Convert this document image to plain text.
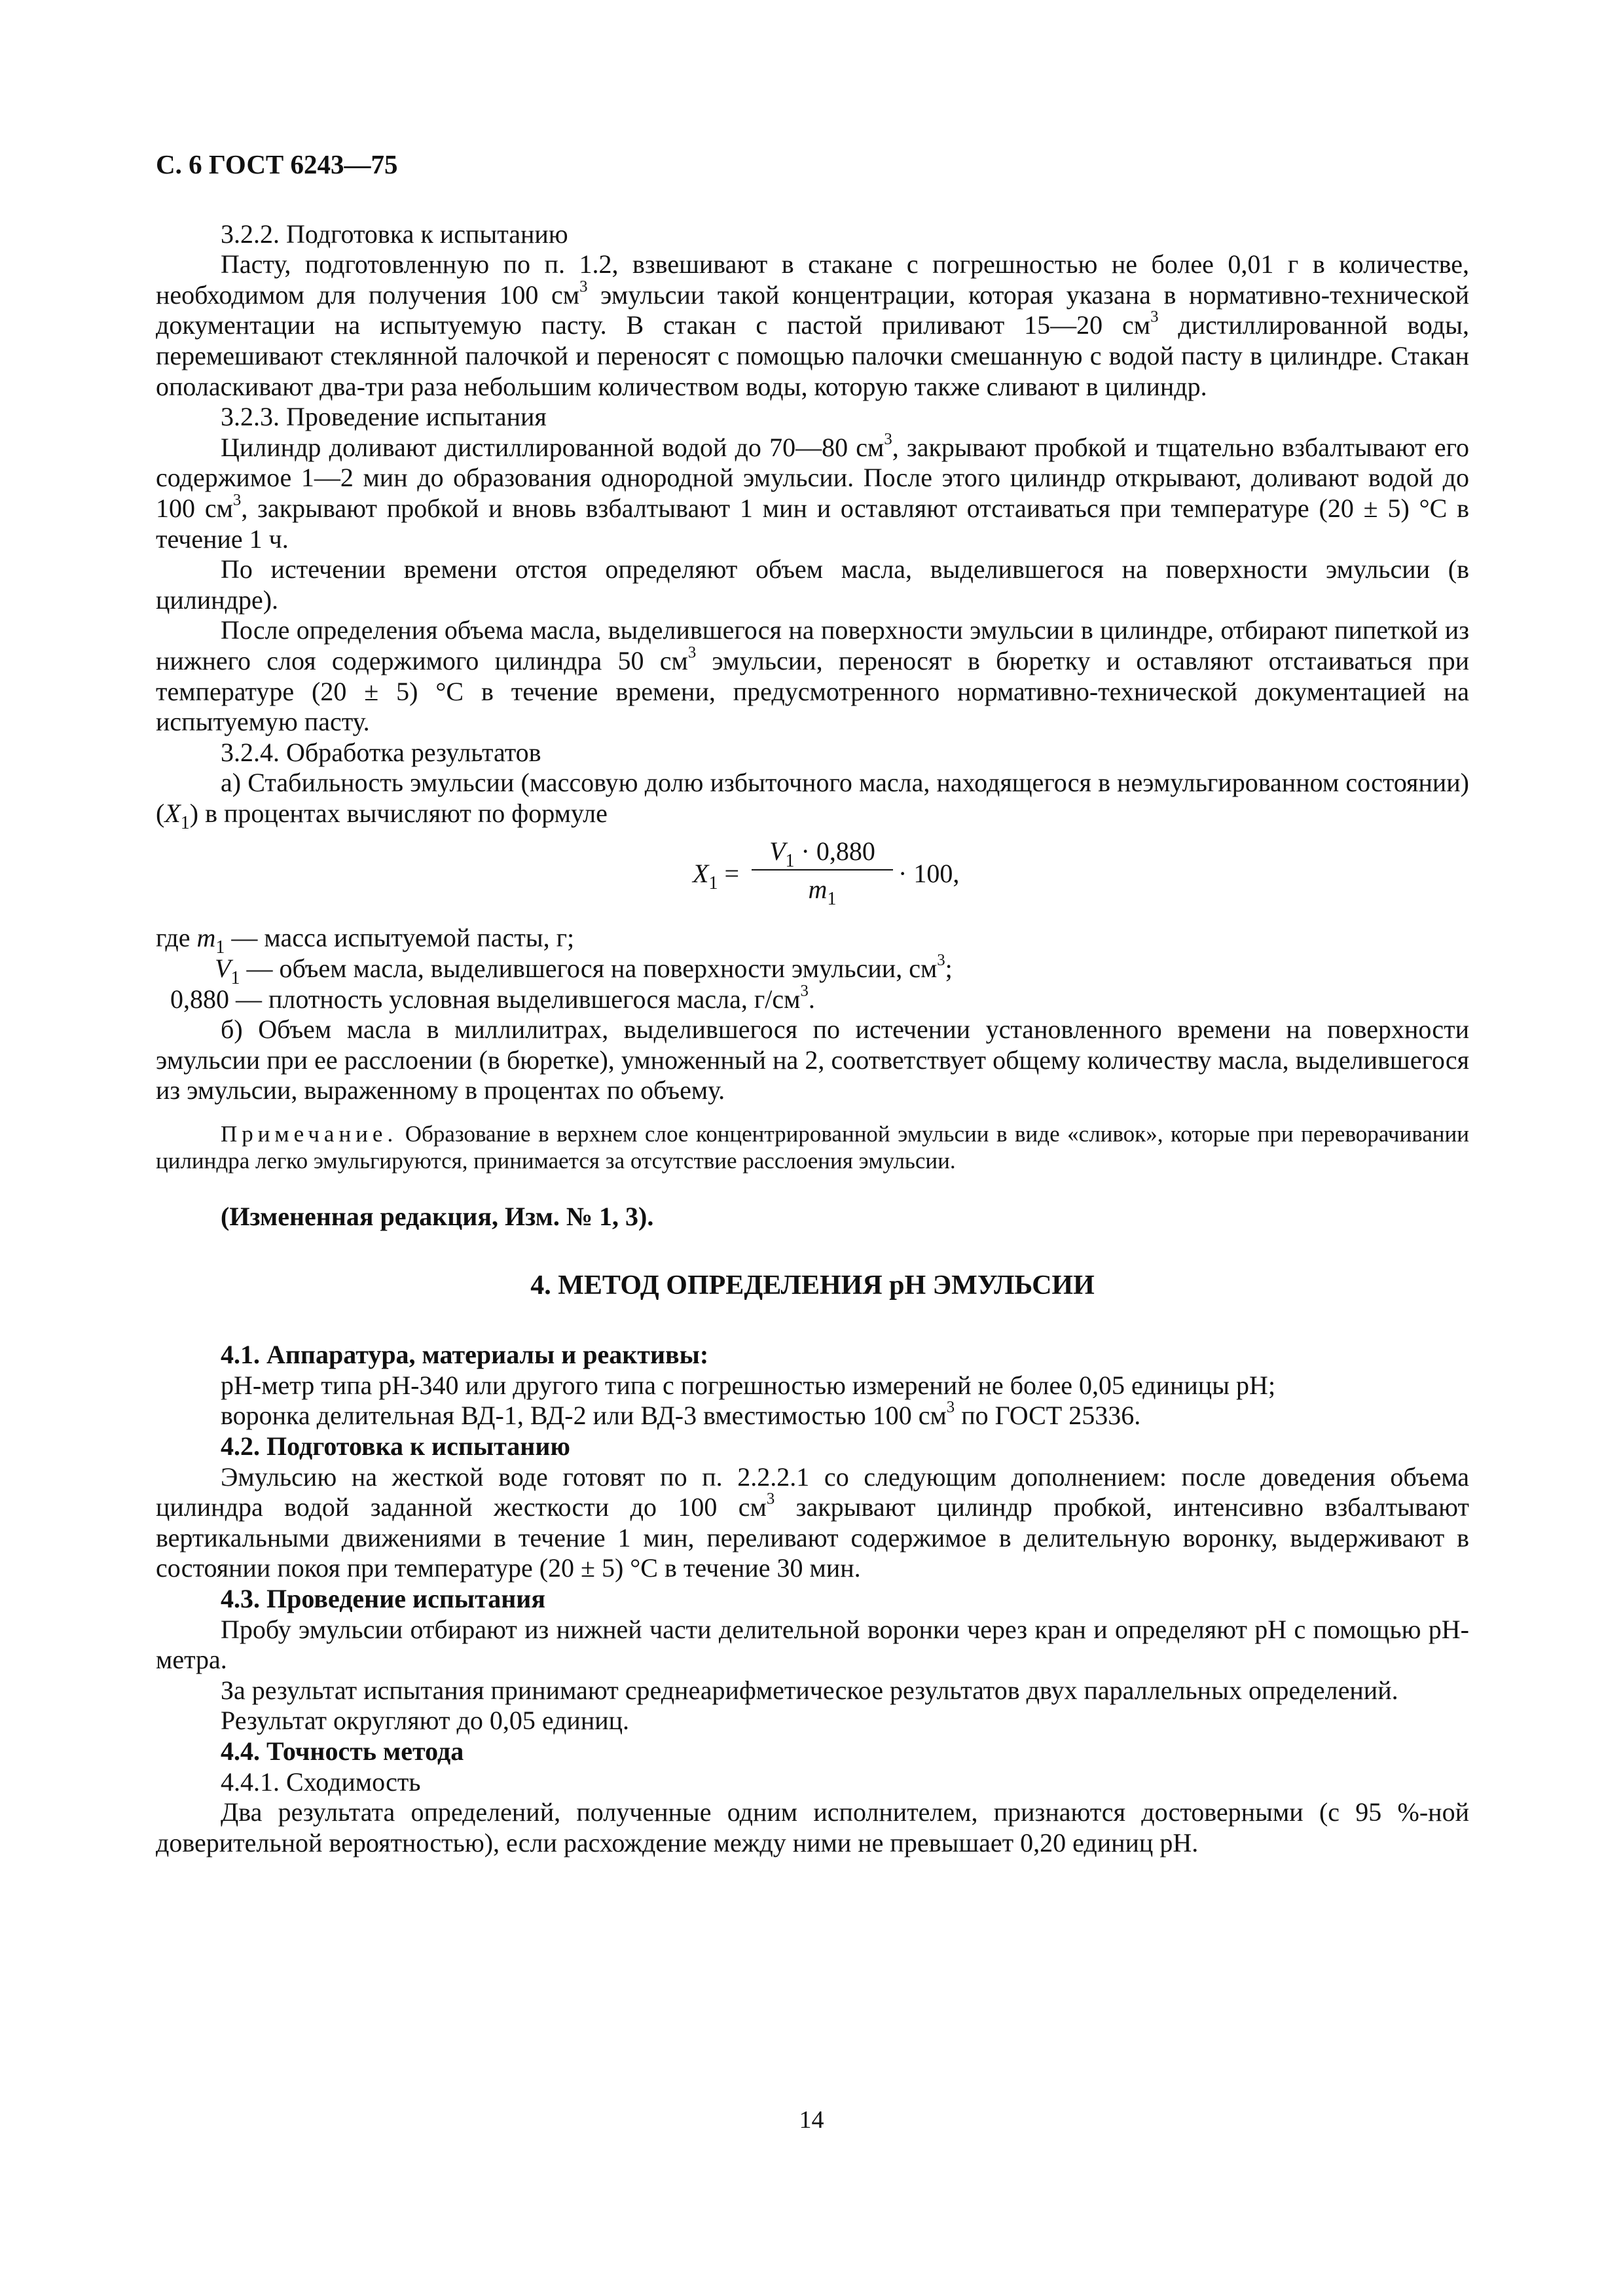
С. 6 ГОСТ 6243—75

3.2.2. Подготовка к испытанию

Пасту, подготовленную по п. 1.2, взвешивают в стакане с погрешностью не более 0,01 г в количестве, необходимом для получения 100 $см^3$ эмульсии такой концентрации, которая указана в нормативно-технической документации на испытуемую пасту. В стакан с пастой приливают 15—20 $см^3$ дистиллированной воды, перемешивают стеклянной палочкой и переносят с помощью палочки смешанную с водой пасту в цилиндре. Стакан ополаскивают два-три раза небольшим количеством воды, которую также сливают в цилиндр.

3.2.3. Проведение испытания

Цилиндр доливают дистиллированной водой до 70—80 $см^3$, закрывают пробкой и тщательно взбалтывают его содержимое 1—2 мин до образования однородной эмульсии. После этого цилиндр открывают, доливают водой до 100 $см^3$, закрывают пробкой и вновь взбалтывают 1 мин и оставляют отстаиваться при температуре (20 ± 5) °С в течение 1 ч.

По истечении времени отстоя определяют объем масла, выделившегося на поверхности эмульсии (в цилиндре).

После определения объема масла, выделившегося на поверхности эмульсии в цилиндре, отбирают пипеткой из нижнего слоя содержимого цилиндра 50 $см^3$ эмульсии, переносят в бюретку и оставляют отстаиваться при температуре (20 ± 5) °С в течение времени, предусмотренного нормативно-технической документацией на испытуемую пасту.

3.2.4. Обработка результатов

а) Стабильность эмульсии (массовую долю избыточного масла, находящегося в неэмульгированном состоянии) $(X_1)$ в процентах вычисляют по формуле

$X_1$ =
$V_1 \cdot 0,880$
$m_1$
· 100,

где $m_1$ — масса испытуемой пасты, г;

$V_1$ — объем масла, выделившегося на поверхности эмульсии, $см^3$;

0,880 — плотность условная выделившегося масла, $г/см^3$.

б) Объем масла в миллилитрах, выделившегося по истечении установленного времени на поверхности эмульсии при ее расслоении (в бюретке), умноженный на 2, соответствует общему количеству масла, выделившегося из эмульсии, выраженному в процентах по объему.

Примечание. Образование в верхнем слое концентрированной эмульсии в виде «сливок», которые при переворачивании цилиндра легко эмульгируются, принимается за отсутствие расслоения эмульсии.

(Измененная редакция, Изм. № 1, 3).

4. МЕТОД ОПРЕДЕЛЕНИЯ рН ЭМУЛЬСИИ

4.1. Аппаратура, материалы и реактивы:

рН-метр типа рН-340 или другого типа с погрешностью измерений не более 0,05 единицы рН;

воронка делительная ВД-1, ВД-2 или ВД-3 вместимостью 100 $см^3$ по ГОСТ 25336.

4.2. Подготовка к испытанию

Эмульсию на жесткой воде готовят по п. 2.2.2.1 со следующим дополнением: после доведения объема цилиндра водой заданной жесткости до 100 $см^3$ закрывают цилиндр пробкой, интенсивно взбалтывают вертикальными движениями в течение 1 мин, переливают содержимое в делительную воронку, выдерживают в состоянии покоя при температуре (20 ± 5) °С в течение 30 мин.

4.3. Проведение испытания

Пробу эмульсии отбирают из нижней части делительной воронки через кран и определяют рН с помощью рН-метра.

За результат испытания принимают среднеарифметическое результатов двух параллельных определений.

Результат округляют до 0,05 единиц.

4.4. Точность метода

4.4.1. Сходимость

Два результата определений, полученные одним исполнителем, признаются достоверными (с 95 %-ной доверительной вероятностью), если расхождение между ними не превышает 0,20 единиц рН.

14
